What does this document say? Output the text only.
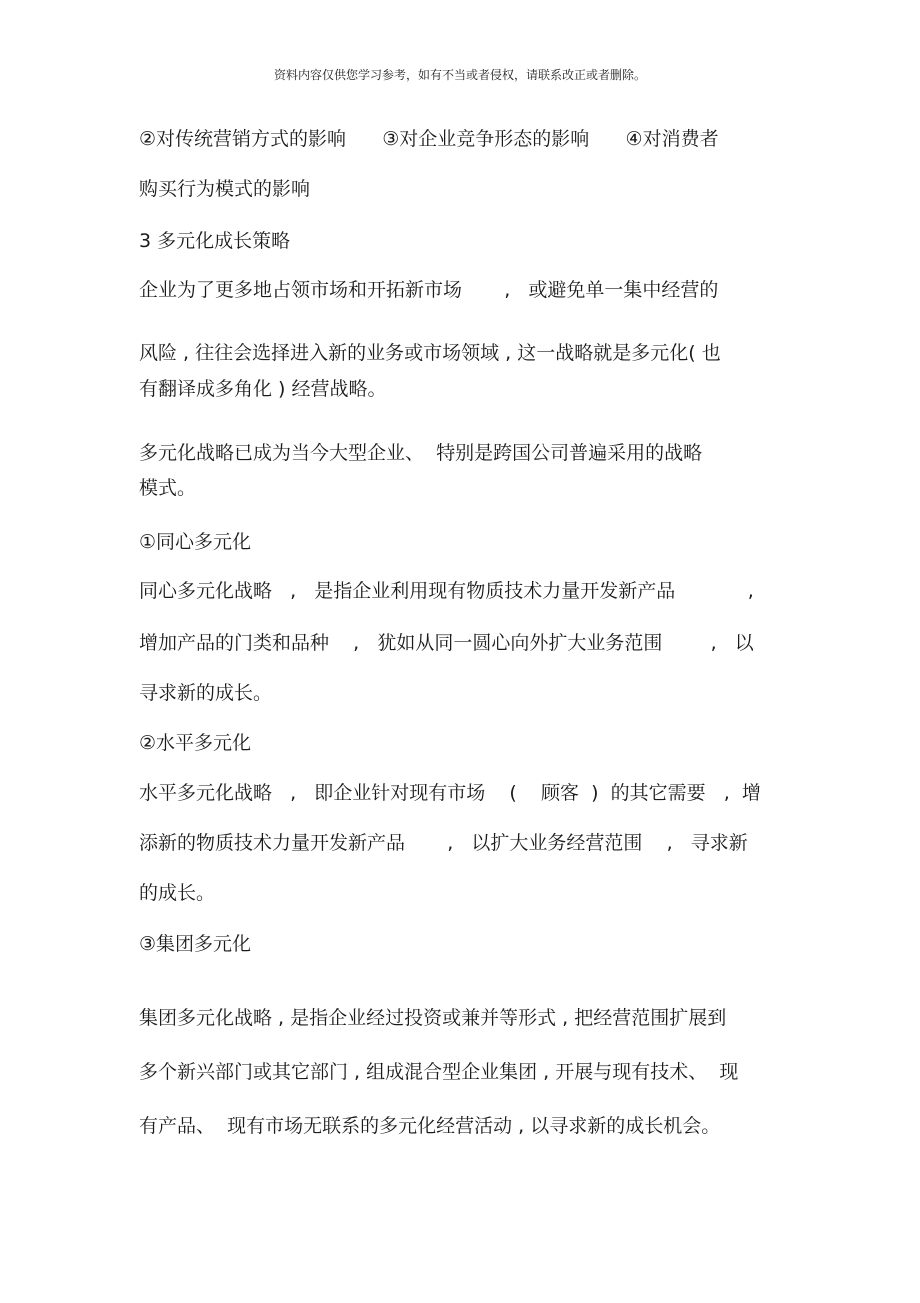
资料内容仅供您学习参考，如有不当或者侵权，请联系改正或者删除。
②对传统营销方式的影响      ③对企业竞争形态的影响      ④对消费者
购买行为模式的影响
3 多元化成长策略
企业为了更多地占领市场和开拓新市场       ,   或避免单一集中经营的
风险 , 往往会选择进入新的业务或市场领域 , 这一战略就是多元化( 也
有翻译成多角化 ) 经营战略。
多元化战略已成为当今大型企业、  特别是跨国公司普遍采用的战略
模式。
①同心多元化
同心多元化战略   ,   是指企业利用现有物质技术力量开发新产品            ,
增加产品的门类和品种    ,   犹如从同一圆心向外扩大业务范围        ,   以
寻求新的成长。
②水平多元化
水平多元化战略   ,   即企业针对现有市场    (    顾客  )  的其它需要   ,  增
添新的物质技术力量开发新产品       ,   以扩大业务经营范围    ,   寻求新
的成长。
③集团多元化
集团多元化战略 , 是指企业经过投资或兼并等形式 , 把经营范围扩展到
多个新兴部门或其它部门 , 组成混合型企业集团 , 开展与现有技术、  现
有产品、  现有市场无联系的多元化经营活动 , 以寻求新的成长机会。
